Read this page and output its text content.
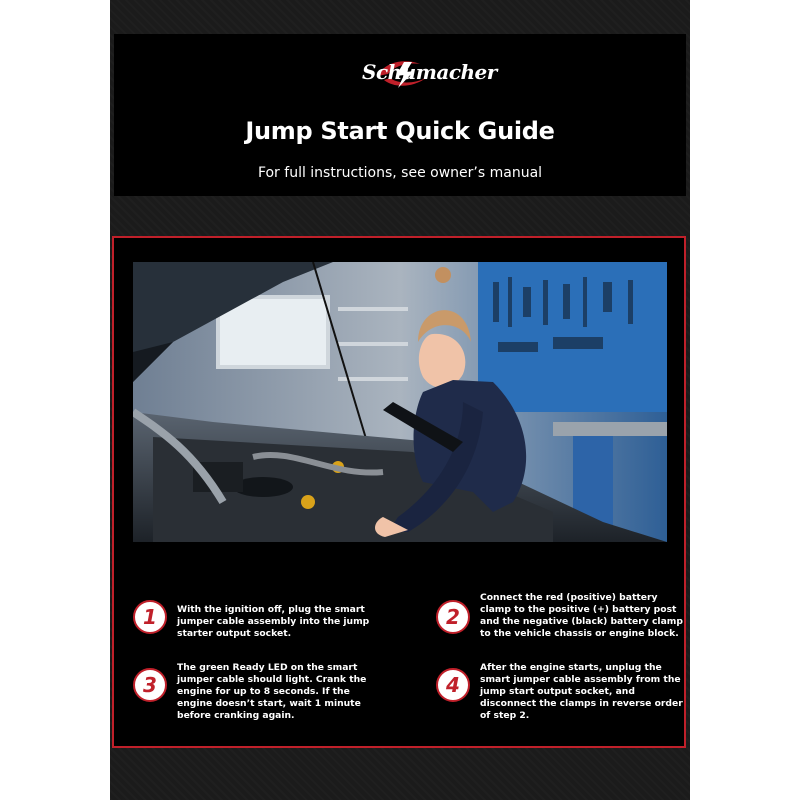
Schumacher
Jump Start Quick Guide
For full instructions, see owner’s manual
1	With the ignition off, plug the smart jumper cable assembly into the jump starter output socket.
2
Connect the red (positive) battery clamp to the positive (+) battery post and the negative (black) battery clamp to the vehicle chassis or engine block.
3
The green Ready LED on the smart jumper cable should light. Crank the engine for up to 8 seconds. If the engine doesn’t start, wait 1 minute before cranking again.
4
After the engine starts, unplug the smart jumper cable assembly from the jump start output socket, and disconnect the clamps in reverse order of step 2.
